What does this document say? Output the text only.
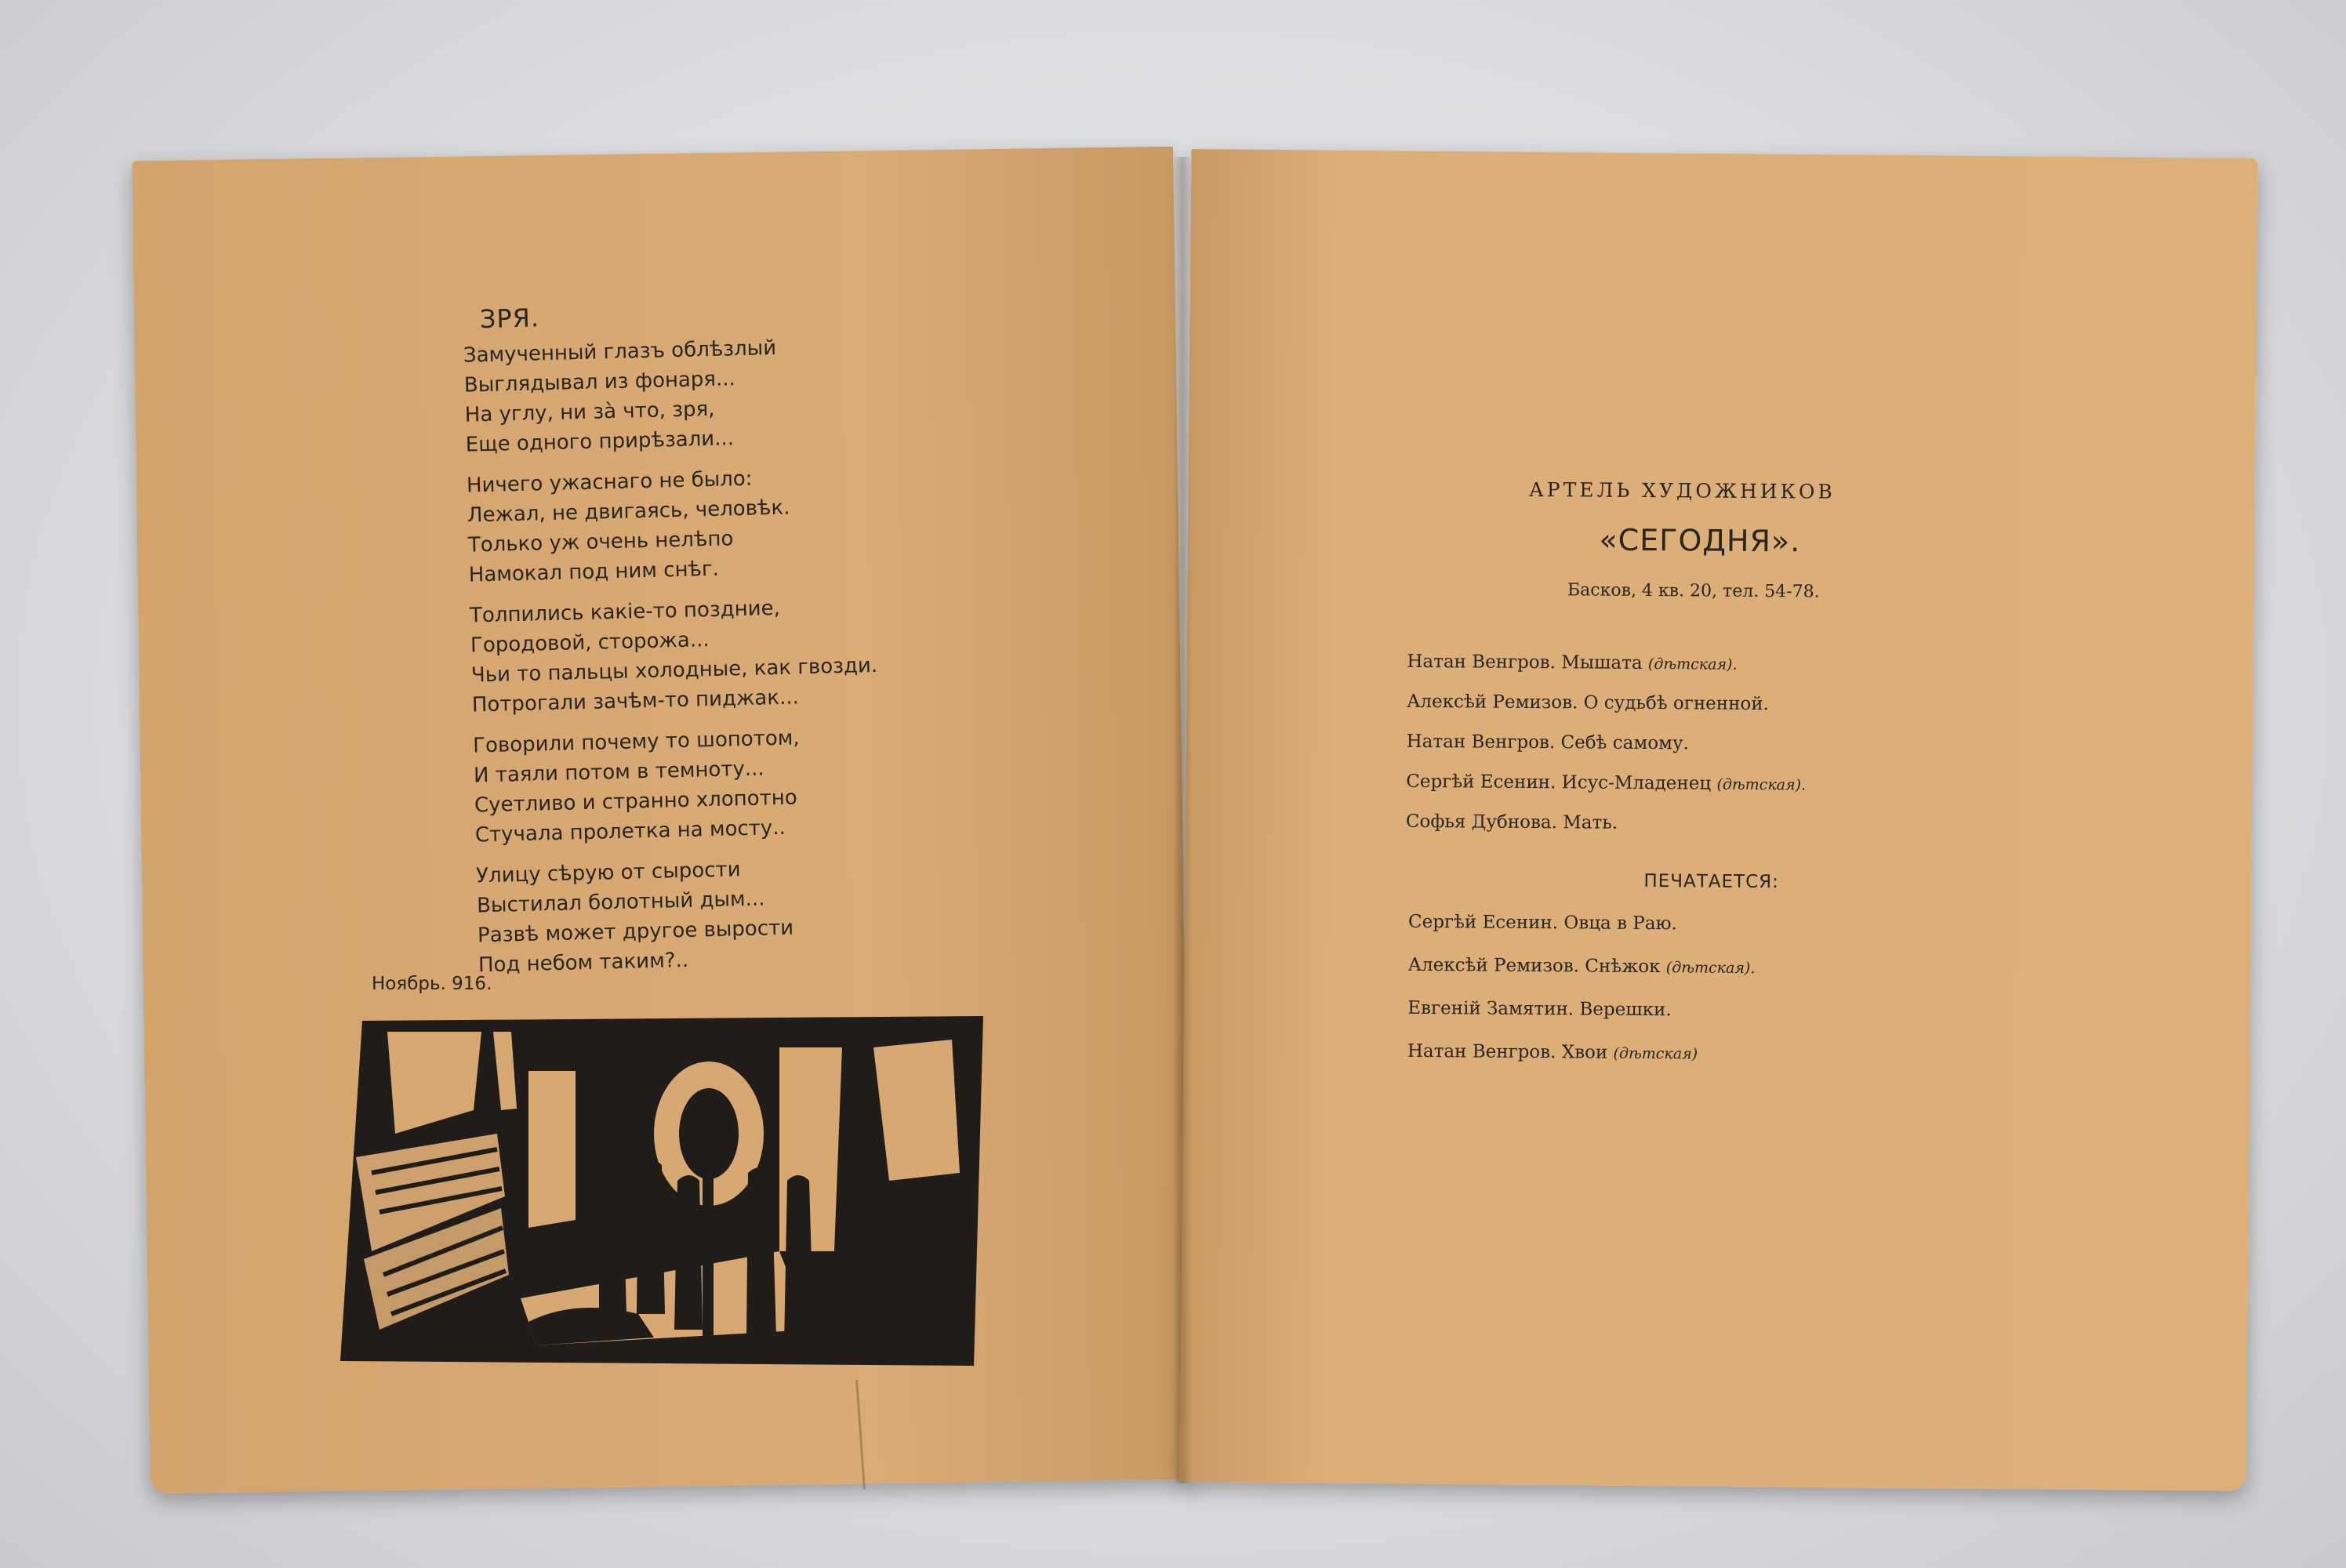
ЗРЯ.

Замученный глазъ облѣзлый

Выглядывал из фонаря...

На углу, ни зà что, зря,

Еще одного прирѣзали...

Ничего ужаснаго не было:

Лежал, не двигаясь, человѣк.

Только уж очень нелѣпо

Намокал под ним снѣг.

Толпились какiе-то поздние,

Городовой, сторожа...

Чьи то пальцы холодные, как гвозди.

Потрогали зачѣм-то пиджак...

Говорили почему то шопотом,

И таяли потом в темноту...

Суетливо и странно хлопотно

Стучала пролетка на мосту..

Улицу сѣрую от сырости

Выстилал болотный дым...

Развѣ может другое вырости

Под небом таким?..

Ноябрь. 916.
АРТЕЛЬ ХУДОЖНИКОВ
«СЕГОДНЯ».
Басков, 4 кв. 20, тел. 54-78.
Натан Венгров. Мышата (дѣтская).
Алексѣй Ремизов. О судьбѣ огненной.
Натан Венгров. Себѣ самому.
Сергѣй Есенин. Исус-Младенец (дѣтская).
Софья Дубнова. Мать.
ПЕЧАТАЕТСЯ:
Сергѣй Есенин. Овца в Раю.
Алексѣй Ремизов. Снѣжок (дѣтская).
Евгенiй Замятин. Верешки.
Натан Венгров. Хвои (дѣтская)
